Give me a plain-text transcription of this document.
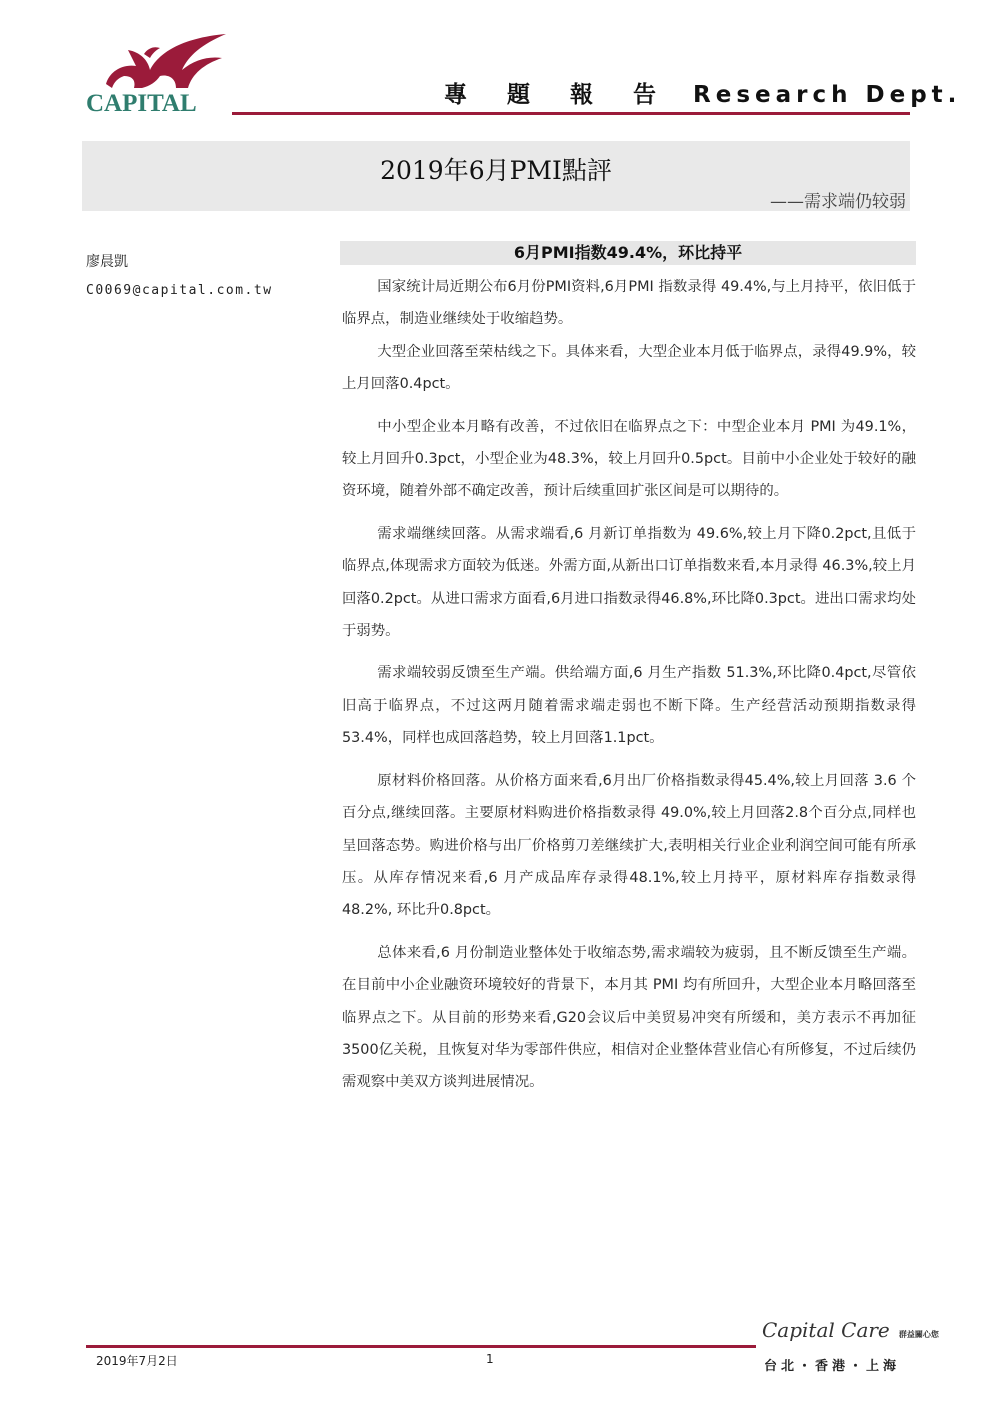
CAPITAL	專 題 報 告 Research Dept.
2019年6月PMI點評
——需求端仍较弱
廖晨凱
C0069@capital.com.tw
6月PMI指数49.4%，环比持平

国家统计局近期公布6月份PMI资料,6月PMI 指数录得 49.4%,与上月持平，依旧低于临界点，制造业继续处于收缩趋势。

大型企业回落至荣枯线之下。具体来看，大型企业本月低于临界点，录得49.9%，较上月回落0.4pct。

中小型企业本月略有改善，不过依旧在临界点之下：中型企业本月 PMI 为49.1%，较上月回升0.3pct，小型企业为48.3%，较上月回升0.5pct。目前中小企业处于较好的融资环境，随着外部不确定改善，预计后续重回扩张区间是可以期待的。

需求端继续回落。从需求端看,6 月新订单指数为 49.6%,较上月下降0.2pct,且低于临界点,体现需求方面较为低迷。外需方面,从新出口订单指数来看,本月录得 46.3%,较上月回落0.2pct。从进口需求方面看,6月进口指数录得46.8%,环比降0.3pct。进出口需求均处于弱势。

需求端较弱反馈至生产端。供给端方面,6 月生产指数 51.3%,环比降0.4pct,尽管依旧高于临界点，不过这两月随着需求端走弱也不断下降。生产经营活动预期指数录得 53.4%，同样也成回落趋势，较上月回落1.1pct。

原材料价格回落。从价格方面来看,6月出厂价格指数录得45.4%,较上月回落 3.6 个百分点,继续回落。主要原材料购进价格指数录得 49.0%,较上月回落2.8个百分点,同样也呈回落态势。购进价格与出厂价格剪刀差继续扩大,表明相关行业企业利润空间可能有所承压。从库存情况来看,6 月产成品库存录得48.1%,较上月持平，原材料库存指数录得 48.2%, 环比升0.8pct。

总体来看,6 月份制造业整体处于收缩态势,需求端较为疲弱，且不断反馈至生产端。在目前中小企业融资环境较好的背景下，本月其 PMI 均有所回升，大型企业本月略回落至临界点之下。从目前的形势来看,G20会议后中美贸易冲突有所缓和，美方表示不再加征3500亿关税，且恢复对华为零部件供应，相信对企业整体营业信心有所修复，不过后续仍需观察中美双方谈判进展情况。

2019年7月2日	1
Capital Care 群益關心您
台北・香港・上海
